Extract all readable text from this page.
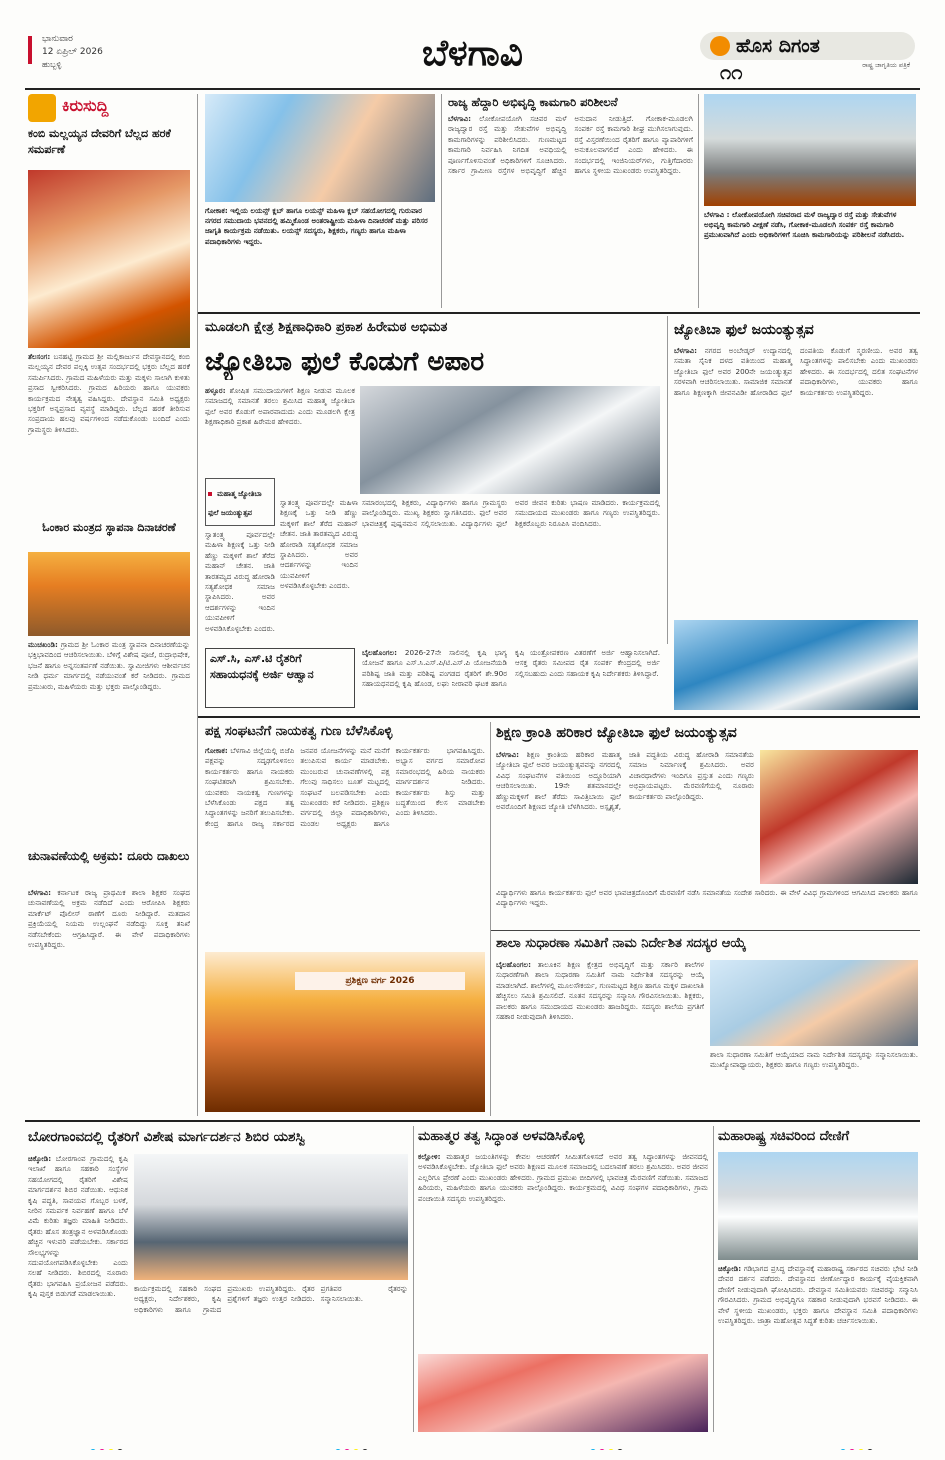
ಭಾನುವಾರ
12 ಏಪ್ರಿಲ್ 2026
ಹುಬ್ಬಳ್ಳಿ	ಬೆಳಗಾವಿ	ಹೊಸ ದಿಗಂತ
ರಾಷ್ಟ್ರ ಜಾಗೃತಿಯ ಪತ್ರಿಕೆ
೧೧
ಕಿರುಸುದ್ದಿ
ಕಂಬಿ ಮಲ್ಲಯ್ಯನ ದೇವರಿಗೆ ಬೆಲ್ಲದ ಹರಕೆ ಸಮರ್ಪಣೆ
ತೆಲಸಂಗ: ಬನಹಟ್ಟಿ ಗ್ರಾಮದ ಶ್ರೀ ಮಲ್ಲಿಕಾರ್ಜುನ ದೇವಸ್ಥಾನದಲ್ಲಿ ಕಂಬಿ ಮಲ್ಲಯ್ಯನ ದೇವರ ಪಲ್ಲಕ್ಕಿ ಉತ್ಸವ ಸಂದರ್ಭದಲ್ಲಿ ಭಕ್ತರು ಬೆಲ್ಲದ ಹರಕೆ ಸಮರ್ಪಿಸಿದರು. ಗ್ರಾಮದ ಮಹಿಳೆಯರು ಮತ್ತು ಮಕ್ಕಳು ಸಾಲಾಗಿ ಕುಳಿತು ಪ್ರಸಾದ ಸ್ವೀಕರಿಸಿದರು. ಗ್ರಾಮದ ಹಿರಿಯರು ಹಾಗೂ ಯುವಕರು ಕಾರ್ಯಕ್ರಮದ ನೇತೃತ್ವ ವಹಿಸಿದ್ದರು. ದೇವಸ್ಥಾನ ಸಮಿತಿ ಅಧ್ಯಕ್ಷರು ಭಕ್ತರಿಗೆ ಅನ್ನಪ್ರಸಾದ ವ್ಯವಸ್ಥೆ ಮಾಡಿದ್ದರು. ಬೆಲ್ಲದ ಹರಕೆ ತೀರಿಸುವ ಸಂಪ್ರದಾಯ ಹಲವು ವರ್ಷಗಳಿಂದ ನಡೆದುಕೊಂಡು ಬಂದಿದೆ ಎಂದು ಗ್ರಾಮಸ್ಥರು ತಿಳಿಸಿದರು.
ಓಂಕಾರ ಮಂತ್ರದ ಸ್ಥಾಪನಾ ದಿನಾಚರಣೆ
ಮುಚಖಂಡಿ: ಗ್ರಾಮದ ಶ್ರೀ ಓಂಕಾರ ಮಂತ್ರ ಸ್ಥಾಪನಾ ದಿನಾಚರಣೆಯನ್ನು ಭಕ್ತಿಭಾವದಿಂದ ಆಚರಿಸಲಾಯಿತು. ಬೆಳಿಗ್ಗೆ ವಿಶೇಷ ಪೂಜೆ, ರುದ್ರಾಭಿಷೇಕ, ಭಜನೆ ಹಾಗೂ ಅನ್ನಸಂತರ್ಪಣೆ ನಡೆಯಿತು. ಸ್ವಾಮೀಜಿಗಳು ಆಶೀರ್ವಚನ ನೀಡಿ ಧರ್ಮ ಮಾರ್ಗದಲ್ಲಿ ನಡೆಯುವಂತೆ ಕರೆ ನೀಡಿದರು. ಗ್ರಾಮದ ಪ್ರಮುಖರು, ಮಹಿಳೆಯರು ಮತ್ತು ಭಕ್ತರು ಪಾಲ್ಗೊಂಡಿದ್ದರು.
ಚುನಾವಣೆಯಲ್ಲಿ ಅಕ್ರಮ: ದೂರು ದಾಖಲು
ಬೆಳಗಾವಿ: ಕರ್ನಾಟಕ ರಾಜ್ಯ ಪ್ರಾಥಮಿಕ ಶಾಲಾ ಶಿಕ್ಷಕರ ಸಂಘದ ಚುನಾವಣೆಯಲ್ಲಿ ಅಕ್ರಮ ನಡೆದಿದೆ ಎಂದು ಆರೋಪಿಸಿ ಶಿಕ್ಷಕರು ಮಾರ್ಕೆಟ್ ಪೊಲೀಸ್ ಠಾಣೆಗೆ ದೂರು ನೀಡಿದ್ದಾರೆ. ಮತದಾನ ಪ್ರಕ್ರಿಯೆಯಲ್ಲಿ ನಿಯಮ ಉಲ್ಲಂಘನೆ ನಡೆದಿದ್ದು ಸೂಕ್ತ ತನಿಖೆ ನಡೆಸಬೇಕೆಂದು ಆಗ್ರಹಿಸಿದ್ದಾರೆ. ಈ ವೇಳೆ ಪದಾಧಿಕಾರಿಗಳು ಉಪಸ್ಥಿತರಿದ್ದರು.
ಗೋಕಾಕ: ಇಲ್ಲಿಯ ಲಯನ್ಸ್ ಕ್ಲಬ್ ಹಾಗೂ ಲಯನ್ಸ್ ಮಹಿಳಾ ಕ್ಲಬ್ ಸಹಯೋಗದಲ್ಲಿ ಗುರುವಾರ ನಗರದ ಸಮುದಾಯ ಭವನದಲ್ಲಿ ಹಮ್ಮಿಕೊಂಡ ಅಂತರಾಷ್ಟ್ರೀಯ ಮಹಿಳಾ ದಿನಾಚರಣೆ ಮತ್ತು ಪರಿಸರ ಜಾಗೃತಿ ಕಾರ್ಯಕ್ರಮ ನಡೆಯಿತು. ಲಯನ್ಸ್ ಸದಸ್ಯರು, ಶಿಕ್ಷಕರು, ಗಣ್ಯರು ಹಾಗೂ ಮಹಿಳಾ ಪದಾಧಿಕಾರಿಗಳು ಇದ್ದರು.
ರಾಜ್ಯ ಹೆದ್ದಾರಿ ಅಭಿವೃದ್ಧಿ ಕಾಮಗಾರಿ ಪರಿಶೀಲನೆ
ಬೆಳಗಾವಿ: ಲೋಕೋಪಯೋಗಿ ಸಚಿವರ ಮಳೆ ರಾಜ್ಯದ್ವಾರ ರಸ್ತೆ ಮತ್ತು ಸೇತುವೆಗಳ ಅಭಿವೃದ್ಧಿ ಕಾಮಗಾರಿಗಳನ್ನು ಪರಿಶೀಲಿಸಿದರು. ಗುಣಮಟ್ಟದ ಕಾಮಗಾರಿ ನಿರ್ವಹಿಸಿ ನಿಗದಿತ ಅವಧಿಯಲ್ಲಿ ಪೂರ್ಣಗೊಳಿಸುವಂತೆ ಅಧಿಕಾರಿಗಳಿಗೆ ಸೂಚಿಸಿದರು. ಸರ್ಕಾರ ಗ್ರಾಮೀಣ ರಸ್ತೆಗಳ ಅಭಿವೃದ್ಧಿಗೆ ಹೆಚ್ಚಿನ ಅನುದಾನ ನೀಡುತ್ತಿದೆ. ಗೋಕಾಕ-ಮೂಡಲಗಿ ಸಂಪರ್ಕ ರಸ್ತೆ ಕಾಮಗಾರಿ ಶೀಘ್ರ ಮುಗಿಸಲಾಗುವುದು. ರಸ್ತೆ ವಿಸ್ತರಣೆಯಿಂದ ರೈತರಿಗೆ ಹಾಗೂ ವ್ಯಾಪಾರಿಗಳಿಗೆ ಅನುಕೂಲವಾಗಲಿದೆ ಎಂದು ಹೇಳಿದರು. ಈ ಸಂದರ್ಭದಲ್ಲಿ ಇಂಜಿನಿಯರ್‌ಗಳು, ಗುತ್ತಿಗೆದಾರರು ಹಾಗೂ ಸ್ಥಳೀಯ ಮುಖಂಡರು ಉಪಸ್ಥಿತರಿದ್ದರು.
ಬೆಳಗಾವಿ : ಲೋಕೋಪಯೋಗಿ ಸಚಿವರಾದ ಮಳೆ ರಾಜ್ಯದ್ವಾರ ರಸ್ತೆ ಮತ್ತು ಸೇತುವೆಗಳ ಅಭಿವೃದ್ಧಿ ಕಾಮಗಾರಿ ವೀಕ್ಷಣೆ ನಡೆಸಿ, ಗೋಕಾಕ-ಮೂಡಲಗಿ ಸಂಪರ್ಕ ರಸ್ತೆ ಕಾಮಗಾರಿ ಪ್ರಮುಖವಾಗಿದೆ ಎಂದು ಅಧಿಕಾರಿಗಳಿಗೆ ಸೂಚಿಸಿ ಕಾಮಗಾರಿಯನ್ನು ಪರಿಶೀಲನೆ ನಡೆಸಿದರು.
ಮೂಡಲಗಿ ಕ್ಷೇತ್ರ ಶಿಕ್ಷಣಾಧಿಕಾರಿ ಪ್ರಕಾಶ ಹಿರೇಮಠ ಅಭಿಮತ
ಜ್ಯೋತಿಬಾ ಫುಲೆ ಕೊಡುಗೆ ಅಪಾರ
ಹಳ್ಳೂರ: ಶೋಷಿತ ಸಮುದಾಯಗಳಿಗೆ ಶಿಕ್ಷಣ ನೀಡುವ ಮೂಲಕ ಸಮಾಜದಲ್ಲಿ ಸಮಾನತೆ ತರಲು ಶ್ರಮಿಸಿದ ಮಹಾತ್ಮ ಜ್ಯೋತಿಬಾ ಫುಲೆ ಅವರ ಕೊಡುಗೆ ಅಪಾರವಾದುದು ಎಂದು ಮೂಡಲಗಿ ಕ್ಷೇತ್ರ ಶಿಕ್ಷಣಾಧಿಕಾರಿ ಪ್ರಕಾಶ ಹಿರೇಮಠ ಹೇಳಿದರು.
ಮಹಾತ್ಮ ಜ್ಯೋತಿಬಾ ಫುಲೆ ಜಯಂತ್ಯುತ್ಸವ
ಸ್ವಾತಂತ್ರ್ಯ ಪೂರ್ವದಲ್ಲೇ ಮಹಿಳಾ ಶಿಕ್ಷಣಕ್ಕೆ ಒತ್ತು ನೀಡಿ ಹೆಣ್ಣು ಮಕ್ಕಳಿಗೆ ಶಾಲೆ ತೆರೆದ ಮಹಾನ್ ಚೇತನ. ಜಾತಿ ತಾರತಮ್ಯದ ವಿರುದ್ಧ ಹೋರಾಡಿ ಸತ್ಯಶೋಧಕ ಸಮಾಜ ಸ್ಥಾಪಿಸಿದರು. ಅವರ ಆದರ್ಶಗಳನ್ನು ಇಂದಿನ ಯುವಪೀಳಿಗೆ ಅಳವಡಿಸಿಕೊಳ್ಳಬೇಕು ಎಂದರು.
ಸ್ವಾತಂತ್ರ್ಯ ಪೂರ್ವದಲ್ಲೇ ಮಹಿಳಾ ಶಿಕ್ಷಣಕ್ಕೆ ಒತ್ತು ನೀಡಿ ಹೆಣ್ಣು ಮಕ್ಕಳಿಗೆ ಶಾಲೆ ತೆರೆದ ಮಹಾನ್ ಚೇತನ. ಜಾತಿ ತಾರತಮ್ಯದ ವಿರುದ್ಧ ಹೋರಾಡಿ ಸತ್ಯಶೋಧಕ ಸಮಾಜ ಸ್ಥಾಪಿಸಿದರು. ಅವರ ಆದರ್ಶಗಳನ್ನು ಇಂದಿನ ಯುವಪೀಳಿಗೆ ಅಳವಡಿಸಿಕೊಳ್ಳಬೇಕು ಎಂದರು.
ಸಮಾರಂಭದಲ್ಲಿ ಶಿಕ್ಷಕರು, ವಿದ್ಯಾರ್ಥಿಗಳು ಹಾಗೂ ಗ್ರಾಮಸ್ಥರು ಪಾಲ್ಗೊಂಡಿದ್ದರು. ಮುಖ್ಯ ಶಿಕ್ಷಕರು ಸ್ವಾಗತಿಸಿದರು. ಫುಲೆ ಅವರ ಭಾವಚಿತ್ರಕ್ಕೆ ಪುಷ್ಪನಮನ ಸಲ್ಲಿಸಲಾಯಿತು. ವಿದ್ಯಾರ್ಥಿಗಳು ಫುಲೆ ಅವರ ಜೀವನ ಕುರಿತು ಭಾಷಣ ಮಾಡಿದರು. ಕಾರ್ಯಕ್ರಮದಲ್ಲಿ ಸಮುದಾಯದ ಮುಖಂಡರು ಹಾಗೂ ಗಣ್ಯರು ಉಪಸ್ಥಿತರಿದ್ದರು. ಶಿಕ್ಷಕರೊಬ್ಬರು ನಿರೂಪಿಸಿ ವಂದಿಸಿದರು.
ಎಸ್.ಸಿ, ಎಸ್.ಟಿ ರೈತರಿಗೆ ಸಹಾಯಧನಕ್ಕೆ ಅರ್ಜಿ ಆಹ್ವಾನ
ಬೈಲಹೊಂಗಲ: 2026-27ನೇ ಸಾಲಿನಲ್ಲಿ ಕೃಷಿ ಭಾಗ್ಯ ಯೋಜನೆ ಹಾಗೂ ಎಸ್.ಸಿ.ಎಸ್.ಪಿ/ಟಿ.ಎಸ್.ಪಿ ಯೋಜನೆಯಡಿ ಪರಿಶಿಷ್ಟ ಜಾತಿ ಮತ್ತು ಪರಿಶಿಷ್ಟ ಪಂಗಡದ ರೈತರಿಗೆ ಶೇ.90ರ ಸಹಾಯಧನದಲ್ಲಿ ಕೃಷಿ ಹೊಂಡ, ಲಘು ನೀರಾವರಿ ಘಟಕ ಹಾಗೂ ಕೃಷಿ ಯಂತ್ರೋಪಕರಣ ವಿತರಣೆಗೆ ಅರ್ಜಿ ಆಹ್ವಾನಿಸಲಾಗಿದೆ. ಆಸಕ್ತ ರೈತರು ಸಮೀಪದ ರೈತ ಸಂಪರ್ಕ ಕೇಂದ್ರದಲ್ಲಿ ಅರ್ಜಿ ಸಲ್ಲಿಸಬಹುದು ಎಂದು ಸಹಾಯಕ ಕೃಷಿ ನಿರ್ದೇಶಕರು ತಿಳಿಸಿದ್ದಾರೆ.
ಜ್ಯೋತಿಬಾ ಫುಲೆ ಜಯಂತ್ಯುತ್ಸವ
ಬೆಳಗಾವಿ: ನಗರದ ಅಂಬೇಡ್ಕರ್ ಉದ್ಯಾನದಲ್ಲಿ ಸಮತಾ ಸೈನಿಕ ದಳದ ವತಿಯಿಂದ ಮಹಾತ್ಮ ಜ್ಯೋತಿಬಾ ಫುಲೆ ಅವರ 200ನೇ ಜಯಂತ್ಯುತ್ಸವ ಸರಳವಾಗಿ ಆಚರಿಸಲಾಯಿತು. ಸಾಮಾಜಿಕ ಸಮಾನತೆ ಹಾಗೂ ಶಿಕ್ಷಣಕ್ಕಾಗಿ ಜೀವನವಿಡೀ ಹೋರಾಡಿದ ಫುಲೆ ದಂಪತಿಯ ಕೊಡುಗೆ ಸ್ಮರಣೀಯ. ಅವರ ತತ್ವ ಸಿದ್ಧಾಂತಗಳನ್ನು ಪಾಲಿಸಬೇಕು ಎಂದು ಮುಖಂಡರು ಹೇಳಿದರು. ಈ ಸಂದರ್ಭದಲ್ಲಿ ದಲಿತ ಸಂಘಟನೆಗಳ ಪದಾಧಿಕಾರಿಗಳು, ಯುವಕರು ಹಾಗೂ ಕಾರ್ಯಕರ್ತರು ಉಪಸ್ಥಿತರಿದ್ದರು.
ಪಕ್ಷ ಸಂಘಟನೆಗೆ ನಾಯಕತ್ವ ಗುಣ ಬೆಳೆಸಿಕೊಳ್ಳಿ
ಗೋಕಾಕ: ಬೆಳಗಾವಿ ಜಿಲ್ಲೆಯಲ್ಲಿ ಬಿಜೆಪಿ ಪಕ್ಷವನ್ನು ಸದೃಢಗೊಳಿಸಲು ಕಾರ್ಯಕರ್ತರು ಹಾಗೂ ನಾಯಕರು ಸಂಘಟಿತರಾಗಿ ಶ್ರಮಿಸಬೇಕು. ಯುವಕರು ನಾಯಕತ್ವ ಗುಣಗಳನ್ನು ಬೆಳೆಸಿಕೊಂಡು ಪಕ್ಷದ ತತ್ವ ಸಿದ್ಧಾಂತಗಳನ್ನು ಜನರಿಗೆ ತಲುಪಿಸಬೇಕು. ಕೇಂದ್ರ ಹಾಗೂ ರಾಜ್ಯ ಸರ್ಕಾರದ ಜನಪರ ಯೋಜನೆಗಳನ್ನು ಮನೆ ಮನೆಗೆ ತಲುಪಿಸುವ ಕಾರ್ಯ ಮಾಡಬೇಕು. ಮುಂಬರುವ ಚುನಾವಣೆಗಳಲ್ಲಿ ಪಕ್ಷ ಗೆಲುವು ಸಾಧಿಸಲು ಬೂತ್ ಮಟ್ಟದಲ್ಲಿ ಸಂಘಟನೆ ಬಲಪಡಿಸಬೇಕು ಎಂದು ಮುಖಂಡರು ಕರೆ ನೀಡಿದರು. ಪ್ರಶಿಕ್ಷಣ ವರ್ಗದಲ್ಲಿ ಜಿಲ್ಲಾ ಪದಾಧಿಕಾರಿಗಳು, ಮಂಡಲ ಅಧ್ಯಕ್ಷರು ಹಾಗೂ ಕಾರ್ಯಕರ್ತರು ಭಾಗವಹಿಸಿದ್ದರು. ಅಭ್ಯಾಸ ವರ್ಗದ ಸಮಾರೋಪ ಸಮಾರಂಭದಲ್ಲಿ ಹಿರಿಯ ನಾಯಕರು ಮಾರ್ಗದರ್ಶನ ನೀಡಿದರು. ಕಾರ್ಯಕರ್ತರು ಶಿಸ್ತು ಮತ್ತು ಬದ್ಧತೆಯಿಂದ ಕೆಲಸ ಮಾಡಬೇಕು ಎಂದು ತಿಳಿಸಿದರು.
ಪ್ರಶಿಕ್ಷಣ ವರ್ಗ 2026
ಶಿಕ್ಷಣ ಕ್ರಾಂತಿ ಹರಿಕಾರ ಜ್ಯೋತಿಬಾ ಫುಲೆ ಜಯಂತ್ಯುತ್ಸವ
ಬೆಳಗಾವಿ: ಶಿಕ್ಷಣ ಕ್ರಾಂತಿಯ ಹರಿಕಾರ ಮಹಾತ್ಮ ಜ್ಯೋತಿಬಾ ಫುಲೆ ಅವರ ಜಯಂತ್ಯುತ್ಸವವನ್ನು ನಗರದಲ್ಲಿ ವಿವಿಧ ಸಂಘಟನೆಗಳ ವತಿಯಿಂದ ಅದ್ಧೂರಿಯಾಗಿ ಆಚರಿಸಲಾಯಿತು. 19ನೇ ಶತಮಾನದಲ್ಲೇ ಹೆಣ್ಣುಮಕ್ಕಳಿಗೆ ಶಾಲೆ ತೆರೆದು ಸಾವಿತ್ರಿಬಾಯಿ ಫುಲೆ ಅವರೊಂದಿಗೆ ಶಿಕ್ಷಣದ ಜ್ಯೋತಿ ಬೆಳಗಿಸಿದರು. ಅಸ್ಪೃಶ್ಯತೆ, ಜಾತಿ ಪದ್ಧತಿಯ ವಿರುದ್ಧ ಹೋರಾಡಿ ಸಮಾನತೆಯ ಸಮಾಜ ನಿರ್ಮಾಣಕ್ಕೆ ಶ್ರಮಿಸಿದರು. ಅವರ ವಿಚಾರಧಾರೆಗಳು ಇಂದಿಗೂ ಪ್ರಸ್ತುತ ಎಂದು ಗಣ್ಯರು ಅಭಿಪ್ರಾಯಪಟ್ಟರು. ಮೆರವಣಿಗೆಯಲ್ಲಿ ನೂರಾರು ಕಾರ್ಯಕರ್ತರು ಪಾಲ್ಗೊಂಡಿದ್ದರು.
ವಿದ್ಯಾರ್ಥಿಗಳು ಹಾಗೂ ಕಾರ್ಯಕರ್ತರು ಫುಲೆ ಅವರ ಭಾವಚಿತ್ರದೊಂದಿಗೆ ಮೆರವಣಿಗೆ ನಡೆಸಿ ಸಮಾನತೆಯ ಸಂದೇಶ ಸಾರಿದರು. ಈ ವೇಳೆ ವಿವಿಧ ಗ್ರಾಮಗಳಿಂದ ಆಗಮಿಸಿದ ಪಾಲಕರು ಹಾಗೂ ವಿದ್ಯಾರ್ಥಿಗಳು ಇದ್ದರು.
ಶಾಲಾ ಸುಧಾರಣಾ ಸಮಿತಿಗೆ ನಾಮ ನಿರ್ದೇಶಿತ ಸದಸ್ಯರ ಆಯ್ಕೆ
ಬೈಲಹೊಂಗಲ: ತಾಲೂಕಿನ ಶಿಕ್ಷಣ ಕ್ಷೇತ್ರದ ಅಭಿವೃದ್ಧಿಗೆ ಮತ್ತು ಸರ್ಕಾರಿ ಶಾಲೆಗಳ ಸುಧಾರಣೆಗಾಗಿ ಶಾಲಾ ಸುಧಾರಣಾ ಸಮಿತಿಗೆ ನಾಮ ನಿರ್ದೇಶಿತ ಸದಸ್ಯರನ್ನು ಆಯ್ಕೆ ಮಾಡಲಾಗಿದೆ. ಶಾಲೆಗಳಲ್ಲಿ ಮೂಲಸೌಕರ್ಯ, ಗುಣಮಟ್ಟದ ಶಿಕ್ಷಣ ಹಾಗೂ ಮಕ್ಕಳ ದಾಖಲಾತಿ ಹೆಚ್ಚಿಸಲು ಸಮಿತಿ ಶ್ರಮಿಸಲಿದೆ. ನೂತನ ಸದಸ್ಯರನ್ನು ಸನ್ಮಾನಿಸಿ ಗೌರವಿಸಲಾಯಿತು. ಶಿಕ್ಷಕರು, ಪಾಲಕರು ಹಾಗೂ ಸಮುದಾಯದ ಮುಖಂಡರು ಹಾಜರಿದ್ದರು. ಸದಸ್ಯರು ಶಾಲೆಯ ಪ್ರಗತಿಗೆ ಸಹಕಾರ ನೀಡುವುದಾಗಿ ತಿಳಿಸಿದರು.
ಶಾಲಾ ಸುಧಾರಣಾ ಸಮಿತಿಗೆ ಆಯ್ಕೆಯಾದ ನಾಮ ನಿರ್ದೇಶಿತ ಸದಸ್ಯರನ್ನು ಸನ್ಮಾನಿಸಲಾಯಿತು. ಮುಖ್ಯೋಪಾಧ್ಯಾಯರು, ಶಿಕ್ಷಕರು ಹಾಗೂ ಗಣ್ಯರು ಉಪಸ್ಥಿತರಿದ್ದರು.
ಬೋರಗಾಂವದಲ್ಲಿ ರೈತರಿಗೆ ವಿಶೇಷ ಮಾರ್ಗದರ್ಶನ ಶಿಬಿರ ಯಶಸ್ವಿ
ಚಿಕ್ಕೋಡಿ: ಬೋರಗಾಂವ ಗ್ರಾಮದಲ್ಲಿ ಕೃಷಿ ಇಲಾಖೆ ಹಾಗೂ ಸಹಕಾರಿ ಸಂಸ್ಥೆಗಳ ಸಹಯೋಗದಲ್ಲಿ ರೈತರಿಗೆ ವಿಶೇಷ ಮಾರ್ಗದರ್ಶನ ಶಿಬಿರ ನಡೆಯಿತು. ಆಧುನಿಕ ಕೃಷಿ ಪದ್ಧತಿ, ಸಾವಯವ ಗೊಬ್ಬರ ಬಳಕೆ, ನೀರಿನ ಸಮರ್ಪಕ ನಿರ್ವಹಣೆ ಹಾಗೂ ಬೆಳೆ ವಿಮೆ ಕುರಿತು ತಜ್ಞರು ಮಾಹಿತಿ ನೀಡಿದರು. ರೈತರು ಹೊಸ ತಂತ್ರಜ್ಞಾನ ಅಳವಡಿಸಿಕೊಂಡು ಹೆಚ್ಚಿನ ಇಳುವರಿ ಪಡೆಯಬೇಕು. ಸರ್ಕಾರದ ಸೌಲಭ್ಯಗಳನ್ನು ಸದುಪಯೋಗಪಡಿಸಿಕೊಳ್ಳಬೇಕು ಎಂದು ಸಲಹೆ ನೀಡಿದರು. ಶಿಬಿರದಲ್ಲಿ ನೂರಾರು ರೈತರು ಭಾಗವಹಿಸಿ ಪ್ರಯೋಜನ ಪಡೆದರು. ಕೃಷಿ ಪುಸ್ತಕ ಬಿಡುಗಡೆ ಮಾಡಲಾಯಿತು.
ಕಾರ್ಯಕ್ರಮದಲ್ಲಿ ಸಹಕಾರಿ ಸಂಘದ ಅಧ್ಯಕ್ಷರು, ನಿರ್ದೇಶಕರು, ಕೃಷಿ ಅಧಿಕಾರಿಗಳು ಹಾಗೂ ಗ್ರಾಮದ ಪ್ರಮುಖರು ಉಪಸ್ಥಿತರಿದ್ದರು. ರೈತರ ಪ್ರಶ್ನೆಗಳಿಗೆ ತಜ್ಞರು ಉತ್ತರ ನೀಡಿದರು. ಪ್ರಗತಿಪರ ರೈತರನ್ನು ಸನ್ಮಾನಿಸಲಾಯಿತು.
ಮಹಾತ್ಮರ ತತ್ವ ಸಿದ್ಧಾಂತ ಅಳವಡಿಸಿಕೊಳ್ಳಿ
ಕಲ್ಲೋಳಿ: ಮಹಾತ್ಮರ ಜಯಂತಿಗಳನ್ನು ಕೇವಲ ಆಚರಣೆಗೆ ಸೀಮಿತಗೊಳಿಸದೆ ಅವರ ತತ್ವ ಸಿದ್ಧಾಂತಗಳನ್ನು ಜೀವನದಲ್ಲಿ ಅಳವಡಿಸಿಕೊಳ್ಳಬೇಕು. ಜ್ಯೋತಿಬಾ ಫುಲೆ ಅವರು ಶಿಕ್ಷಣದ ಮೂಲಕ ಸಮಾಜದಲ್ಲಿ ಬದಲಾವಣೆ ತರಲು ಶ್ರಮಿಸಿದರು. ಅವರ ಜೀವನ ಎಲ್ಲರಿಗೂ ಪ್ರೇರಣೆ ಎಂದು ಮುಖಂಡರು ಹೇಳಿದರು. ಗ್ರಾಮದ ಪ್ರಮುಖ ಬೀದಿಗಳಲ್ಲಿ ಭಾವಚಿತ್ರ ಮೆರವಣಿಗೆ ನಡೆಯಿತು. ಸಮಾಜದ ಹಿರಿಯರು, ಮಹಿಳೆಯರು ಹಾಗೂ ಯುವಕರು ಪಾಲ್ಗೊಂಡಿದ್ದರು. ಕಾರ್ಯಕ್ರಮದಲ್ಲಿ ವಿವಿಧ ಸಂಘಗಳ ಪದಾಧಿಕಾರಿಗಳು, ಗ್ರಾಮ ಪಂಚಾಯಿತಿ ಸದಸ್ಯರು ಉಪಸ್ಥಿತರಿದ್ದರು.
ಮಹಾರಾಷ್ಟ್ರ ಸಚಿವರಿಂದ ದೇಣಿಗೆ
ಚಿಕ್ಕೋಡಿ: ಗಡಿಭಾಗದ ಪ್ರಸಿದ್ಧ ದೇವಸ್ಥಾನಕ್ಕೆ ಮಹಾರಾಷ್ಟ್ರ ಸರ್ಕಾರದ ಸಚಿವರು ಭೇಟಿ ನೀಡಿ ದೇವರ ದರ್ಶನ ಪಡೆದರು. ದೇವಸ್ಥಾನದ ಜೀರ್ಣೋದ್ಧಾರ ಕಾರ್ಯಕ್ಕೆ ವೈಯಕ್ತಿಕವಾಗಿ ದೇಣಿಗೆ ನೀಡುವುದಾಗಿ ಘೋಷಿಸಿದರು. ದೇವಸ್ಥಾನ ಸಮಿತಿಯವರು ಸಚಿವರನ್ನು ಸನ್ಮಾನಿಸಿ ಗೌರವಿಸಿದರು. ಗ್ರಾಮದ ಅಭಿವೃದ್ಧಿಗೂ ಸಹಕಾರ ನೀಡುವುದಾಗಿ ಭರವಸೆ ನೀಡಿದರು. ಈ ವೇಳೆ ಸ್ಥಳೀಯ ಮುಖಂಡರು, ಭಕ್ತರು ಹಾಗೂ ದೇವಸ್ಥಾನ ಸಮಿತಿ ಪದಾಧಿಕಾರಿಗಳು ಉಪಸ್ಥಿತರಿದ್ದರು. ಜಾತ್ರಾ ಮಹೋತ್ಸವ ಸಿದ್ಧತೆ ಕುರಿತು ಚರ್ಚಿಸಲಾಯಿತು.
